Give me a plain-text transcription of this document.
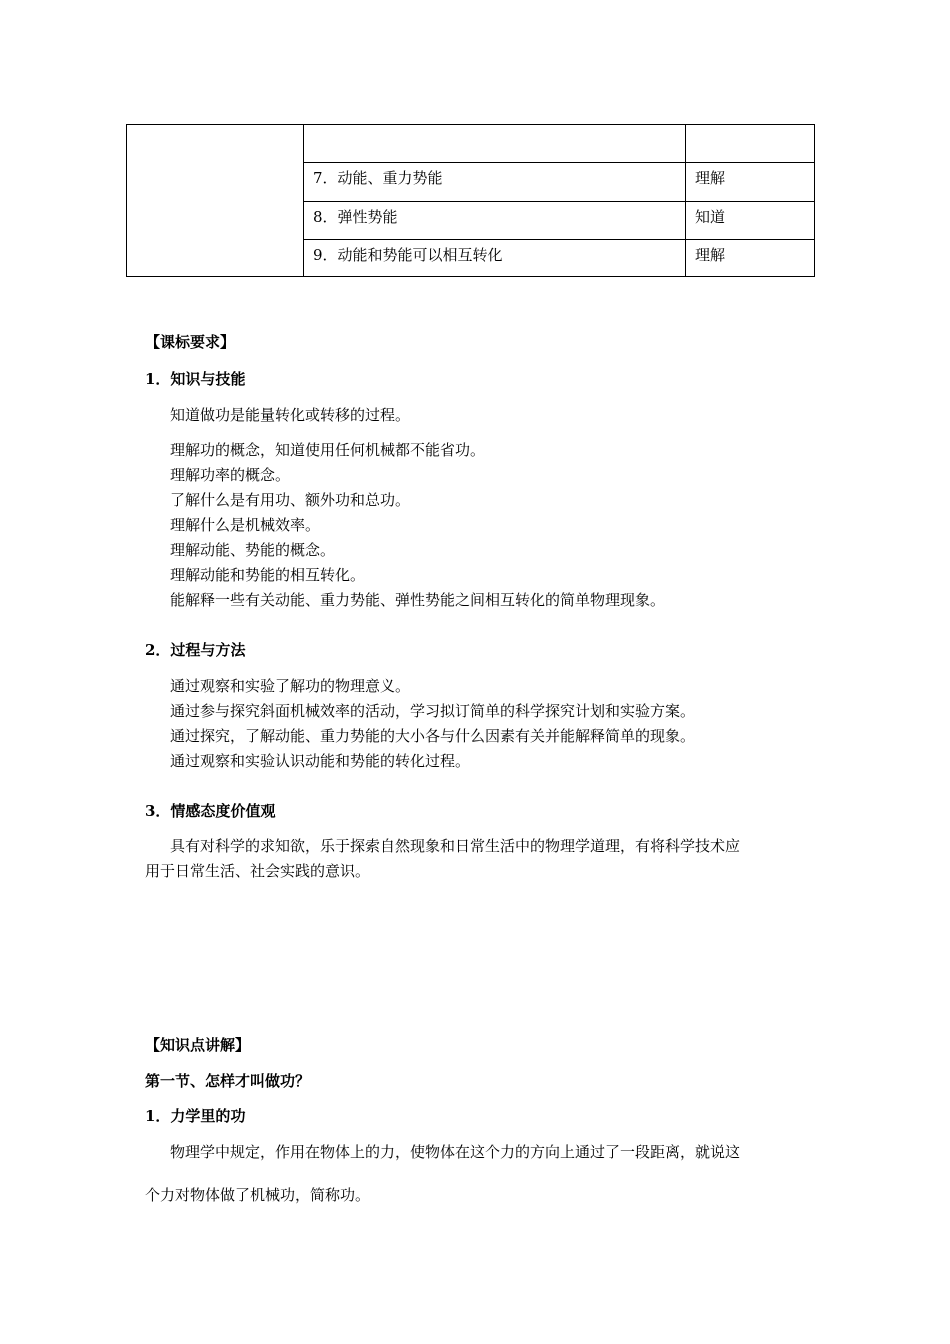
7．动能、重力势能	理解
8．弹性势能	知道
9．动能和势能可以相互转化	理解
【课标要求】
1．知识与技能
知道做功是能量转化或转移的过程。
理解功的概念，知道使用任何机械都不能省功。
理解功率的概念。
了解什么是有用功、额外功和总功。
理解什么是机械效率。
理解动能、势能的概念。
理解动能和势能的相互转化。
能解释一些有关动能、重力势能、弹性势能之间相互转化的简单物理现象。
2．过程与方法
通过观察和实验了解功的物理意义。
通过参与探究斜面机械效率的活动，学习拟订简单的科学探究计划和实验方案。
通过探究，了解动能、重力势能的大小各与什么因素有关并能解释简单的现象。
通过观察和实验认识动能和势能的转化过程。
3．情感态度价值观
具有对科学的求知欲，乐于探索自然现象和日常生活中的物理学道理，有将科学技术应
用于日常生活、社会实践的意识。
【知识点讲解】
第一节、怎样才叫做功？
1．力学里的功
物理学中规定，作用在物体上的力，使物体在这个力的方向上通过了一段距离，就说这
个力对物体做了机械功，简称功。
